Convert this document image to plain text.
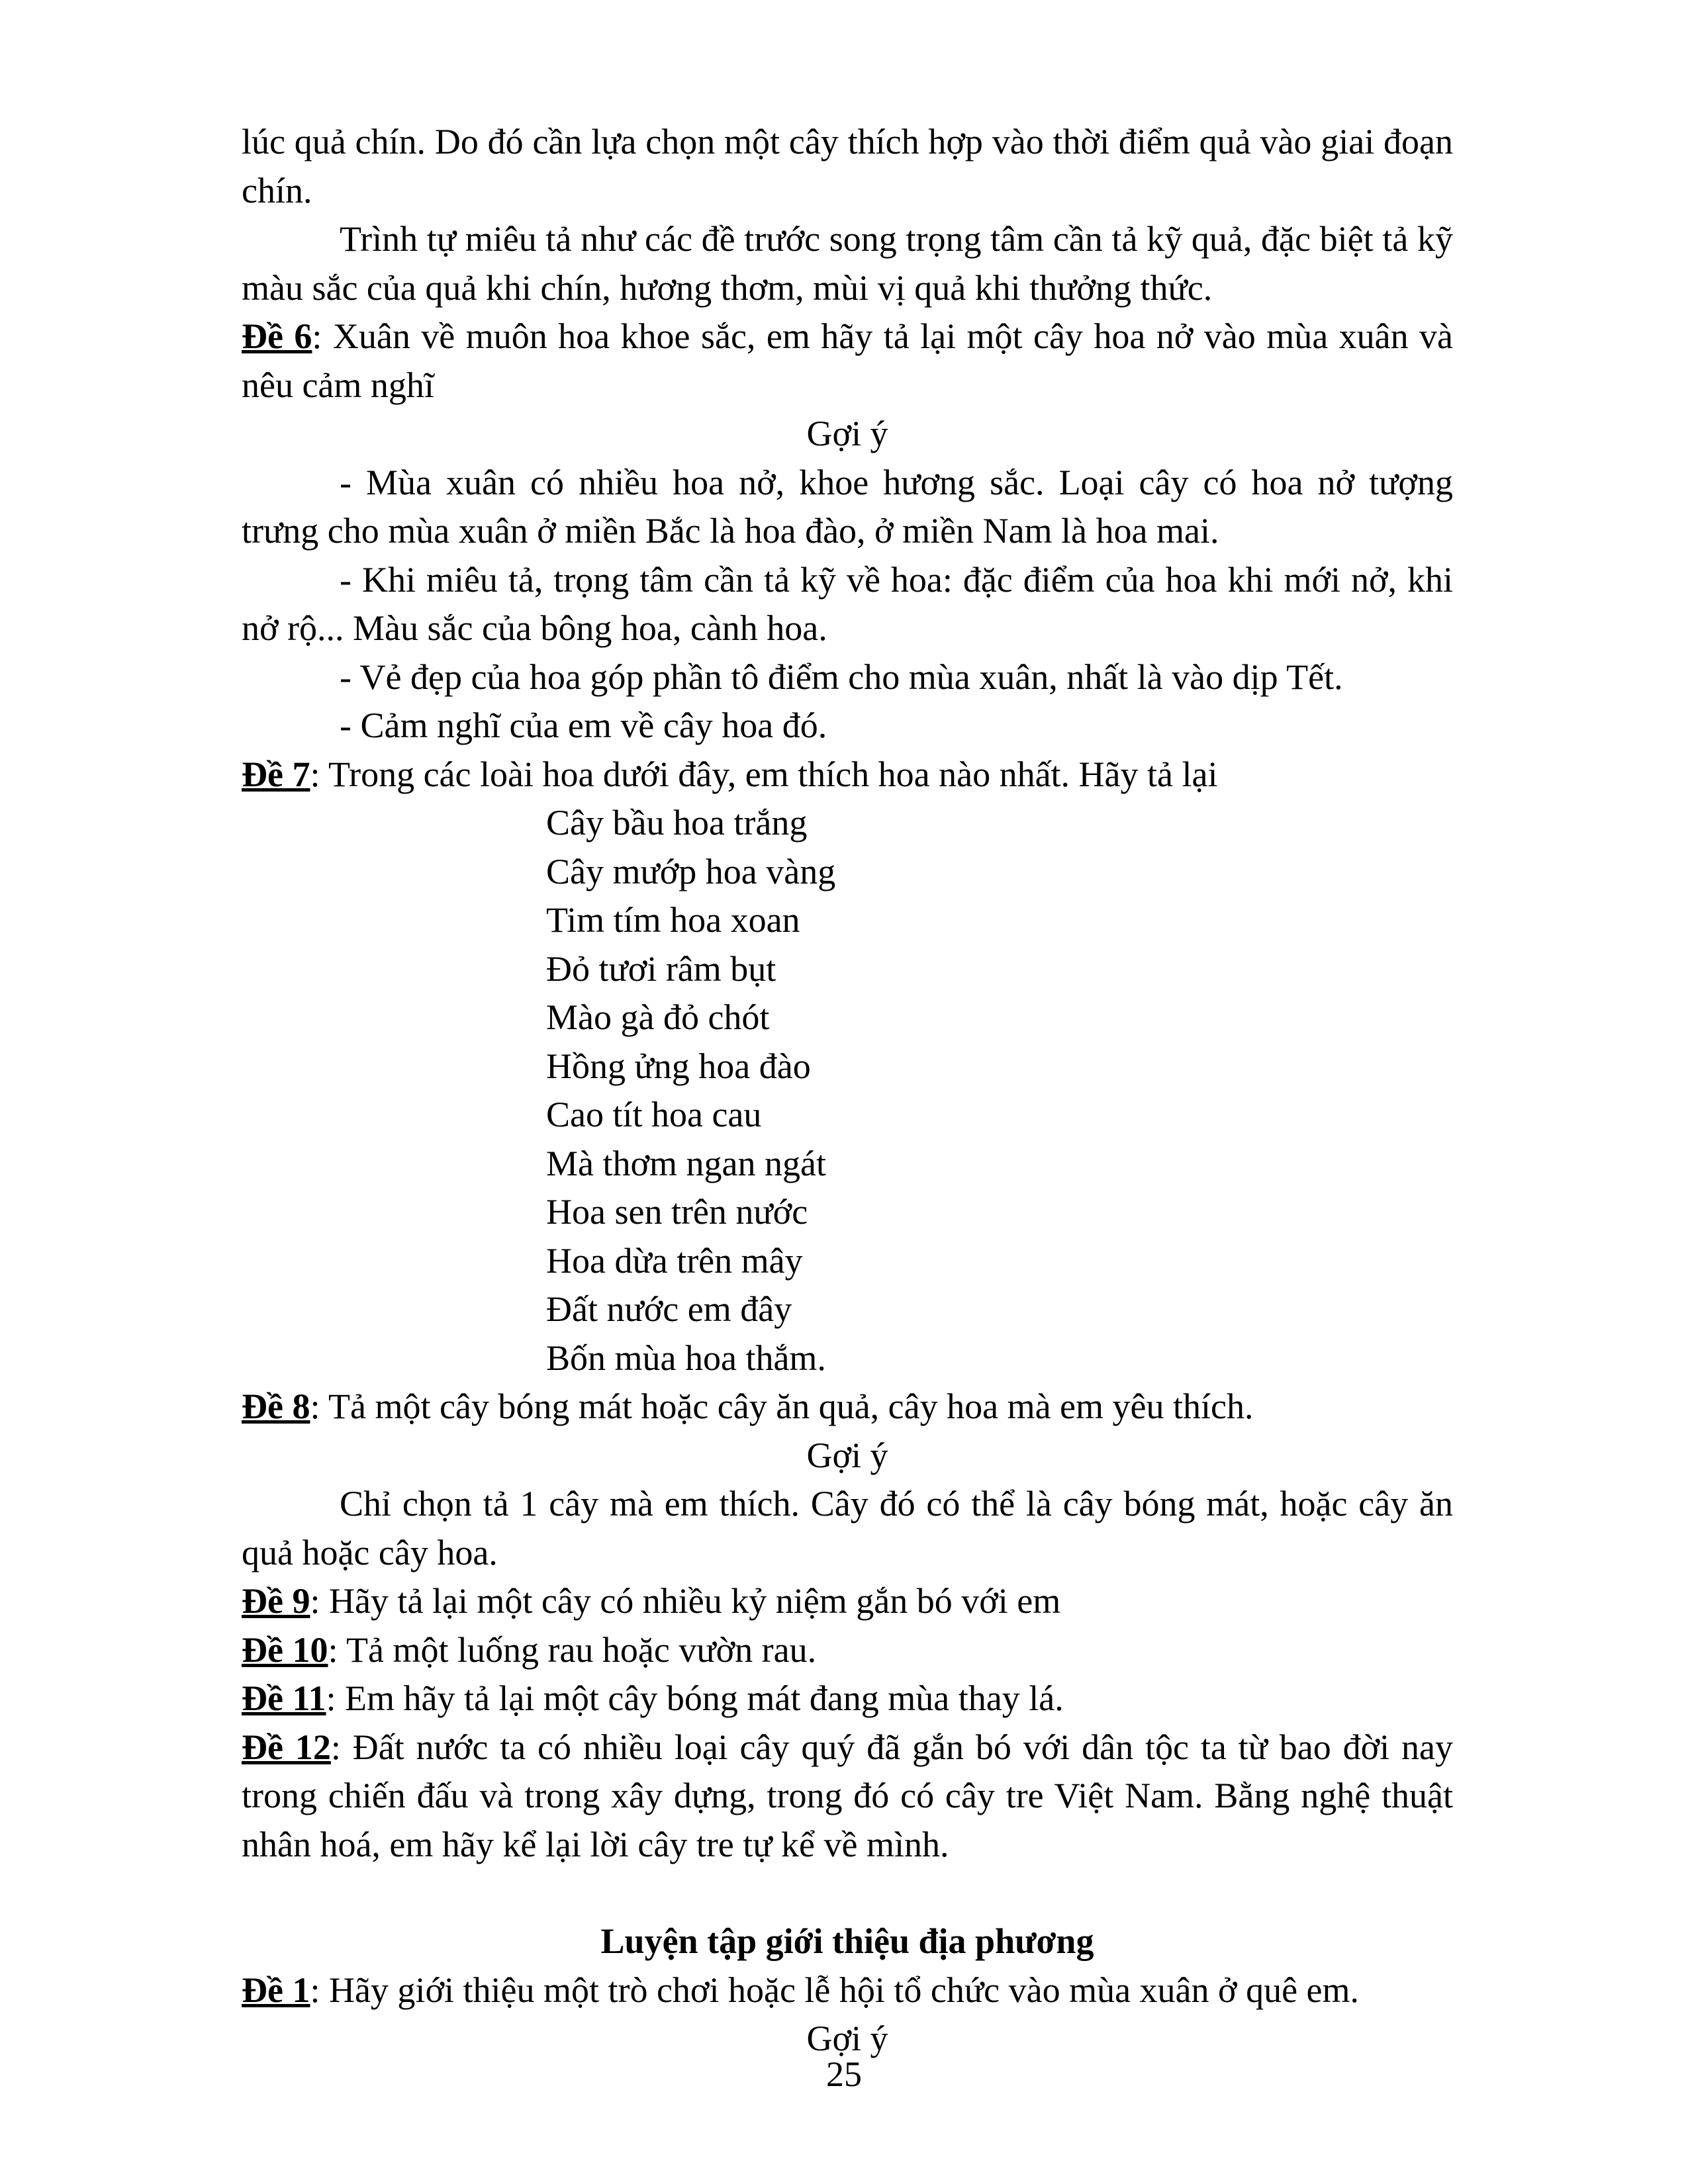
lúc quả chín. Do đó cần lựa chọn một cây thích hợp vào thời điểm quả vào giai đoạn chín.

Trình tự miêu tả như các đề trước song trọng tâm cần tả kỹ quả, đặc biệt tả kỹ màu sắc của quả khi chín, hương thơm, mùi vị quả khi thưởng thức.

Đề 6: Xuân về muôn hoa khoe sắc, em hãy tả lại một cây hoa nở vào mùa xuân và nêu cảm nghĩ

Gợi ý

- Mùa xuân có nhiều hoa nở, khoe hương sắc. Loại cây có hoa nở tượng trưng cho mùa xuân ở miền Bắc là hoa đào, ở miền Nam là hoa mai.

- Khi miêu tả, trọng tâm cần tả kỹ về hoa: đặc điểm của hoa khi mới nở, khi nở rộ... Màu sắc của bông hoa, cành hoa.

- Vẻ đẹp của hoa góp phần tô điểm cho mùa xuân, nhất là vào dịp Tết.

- Cảm nghĩ của em về cây hoa đó.

Đề 7: Trong các loài hoa dưới đây, em thích hoa nào nhất. Hãy tả lại

Cây bầu hoa trắng

Cây mướp hoa vàng

Tim tím hoa xoan

Đỏ tươi râm bụt

Mào gà đỏ chót

Hồng ửng hoa đào

Cao tít hoa cau

Mà thơm ngan ngát

Hoa sen trên nước

Hoa dừa trên mây

Đất nước em đây

Bốn mùa hoa thắm.

Đề 8: Tả một cây bóng mát hoặc cây ăn quả, cây hoa mà em yêu thích.

Gợi ý

Chỉ chọn tả 1 cây mà em thích. Cây đó có thể là cây bóng mát, hoặc cây ăn quả hoặc cây hoa.

Đề 9: Hãy tả lại một cây có nhiều kỷ niệm gắn bó với em

Đề 10: Tả một luống rau hoặc vườn rau.

Đề 11: Em hãy tả lại một cây bóng mát đang mùa thay lá.

Đề 12: Đất nước ta có nhiều loại cây quý đã gắn bó với dân tộc ta từ bao đời nay trong chiến đấu và trong xây dựng, trong đó có cây tre Việt Nam. Bằng nghệ thuật nhân hoá, em hãy kể lại lời cây tre tự kể về mình.

Luyện tập giới thiệu địa phương

Đề 1: Hãy giới thiệu một trò chơi hoặc lễ hội tổ chức vào mùa xuân ở quê em.

Gợi ý

25
